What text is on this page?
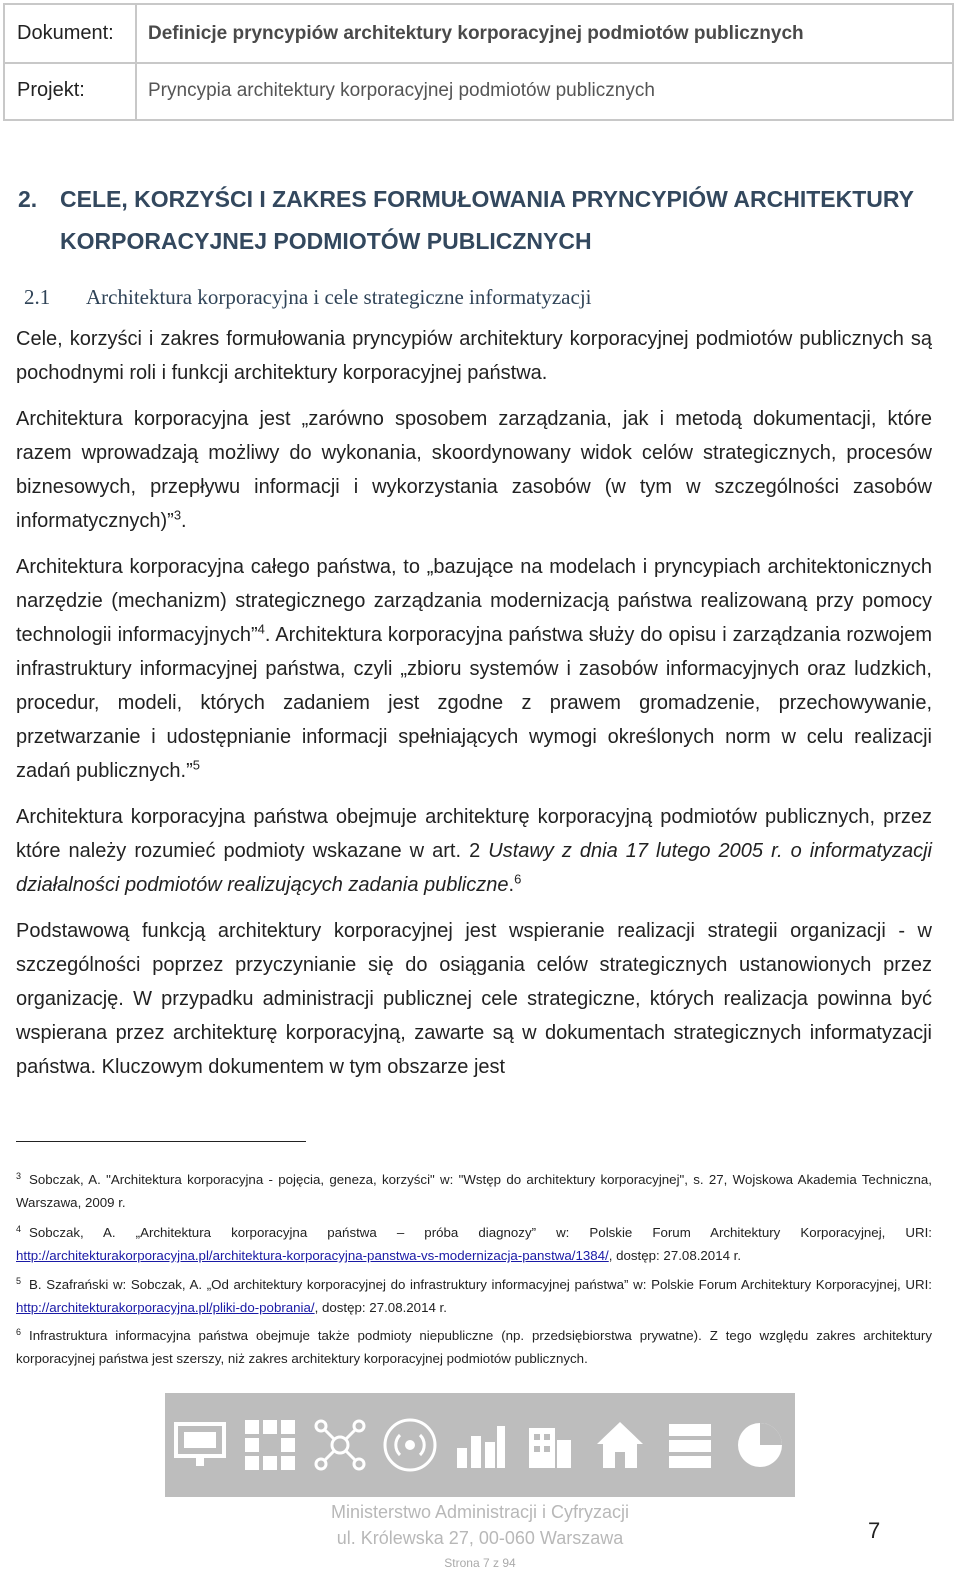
Dokument:	Definicje pryncypiów architektury korporacyjnej podmiotów publicznych
Projekt:	Pryncypia architektury korporacyjnej podmiotów publicznych
2. CELE, KORZYŚCI I ZAKRES FORMUŁOWANIA PRYNCYPIÓW ARCHITEKTURY
KORPORACYJNEJ PODMIOTÓW PUBLICZNYCH
2.1 Architektura korporacyjna i cele strategiczne informatyzacji
Cele, korzyści i zakres formułowania pryncypiów architektury korporacyjnej podmiotów publicznych są pochodnymi roli i funkcji architektury korporacyjnej państwa.
Architektura korporacyjna jest „zarówno sposobem zarządzania, jak i metodą dokumentacji, które razem wprowadzają możliwy do wykonania, skoordynowany widok celów strategicznych, procesów biznesowych, przepływu informacji i wykorzystania zasobów (w tym w szczególności zasobów informatycznych)”$^3$.
Architektura korporacyjna całego państwa, to „bazujące na modelach i pryncypiach architektonicznych narzędzie (mechanizm) strategicznego zarządzania modernizacją państwa realizowaną przy pomocy technologii informacyjnych”$^4$. Architektura korporacyjna państwa służy do opisu i zarządzania rozwojem infrastruktury informacyjnej państwa, czyli „zbioru systemów i zasobów informacyjnych oraz ludzkich, procedur, modeli, których zadaniem jest zgodne z prawem gromadzenie, przechowywanie, przetwarzanie i udostępnianie informacji spełniających wymogi określonych norm w celu realizacji zadań publicznych.”$^5$
Architektura korporacyjna państwa obejmuje architekturę korporacyjną podmiotów publicznych, przez które należy rozumieć podmioty wskazane w art. 2 Ustawy z dnia 17 lutego 2005 r. o informatyzacji działalności podmiotów realizujących zadania publiczne.$^6$
Podstawową funkcją architektury korporacyjnej jest wspieranie realizacji strategii organizacji - w szczególności poprzez przyczynianie się do osiągania celów strategicznych ustanowionych przez organizację. W przypadku administracji publicznej cele strategiczne, których realizacja powinna być wspierana przez architekturę korporacyjną, zawarte są w dokumentach strategicznych informatyzacji państwa. Kluczowym dokumentem w tym obszarze jest
$^3$ Sobczak, A. "Architektura korporacyjna - pojęcia, geneza, korzyści" w: "Wstęp do architektury korporacyjnej", s. 27, Wojskowa Akademia Techniczna, Warszawa, 2009 r.
$^4$ Sobczak, A. „Architektura korporacyjna państwa – próba diagnozy” w: Polskie Forum Architektury Korporacyjnej, URI: http://architekturakorporacyjna.pl/architektura-korporacyjna-panstwa-vs-modernizacja-panstwa/1384/, dostęp: 27.08.2014 r.
$^5$ B. Szafrański w: Sobczak, A. „Od architektury korporacyjnej do infrastruktury informacyjnej państwa” w: Polskie Forum Architektury Korporacyjnej, URI: http://architekturakorporacyjna.pl/pliki-do-pobrania/, dostęp: 27.08.2014 r.
$^6$ Infrastruktura informacyjna państwa obejmuje także podmioty niepubliczne (np. przedsiębiorstwa prywatne). Z tego względu zakres architektury korporacyjnej państwa jest szerszy, niż zakres architektury korporacyjnej podmiotów publicznych.
Ministerstwo Administracji i Cyfryzacji
ul. Królewska 27, 00-060 Warszawa
Strona 7 z 94
7
